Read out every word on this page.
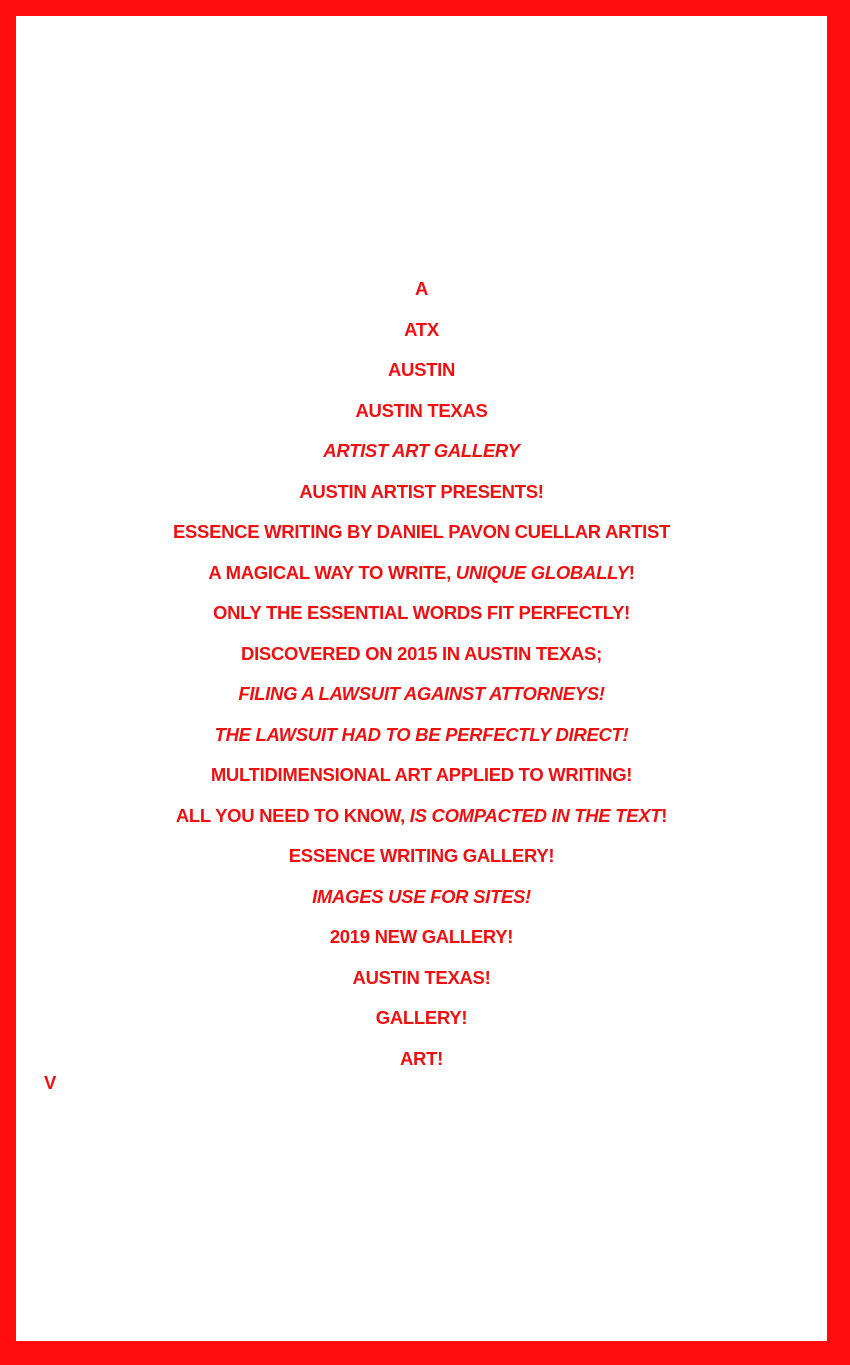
A
ATX
AUSTIN
AUSTIN TEXAS
ARTIST ART GALLERY
AUSTIN ARTIST PRESENTS!
ESSENCE WRITING BY DANIEL PAVON CUELLAR ARTIST
A MAGICAL WAY TO WRITE, UNIQUE GLOBALLY!
ONLY THE ESSENTIAL WORDS FIT PERFECTLY!
DISCOVERED ON 2015 IN AUSTIN TEXAS;
FILING A LAWSUIT AGAINST ATTORNEYS!
THE LAWSUIT HAD TO BE PERFECTLY DIRECT!
MULTIDIMENSIONAL ART APPLIED TO WRITING!
ALL YOU NEED TO KNOW, IS COMPACTED IN THE TEXT!
ESSENCE WRITING GALLERY!
IMAGES USE FOR SITES!
2019 NEW GALLERY!
AUSTIN TEXAS!
GALLERY!
ART!
V
